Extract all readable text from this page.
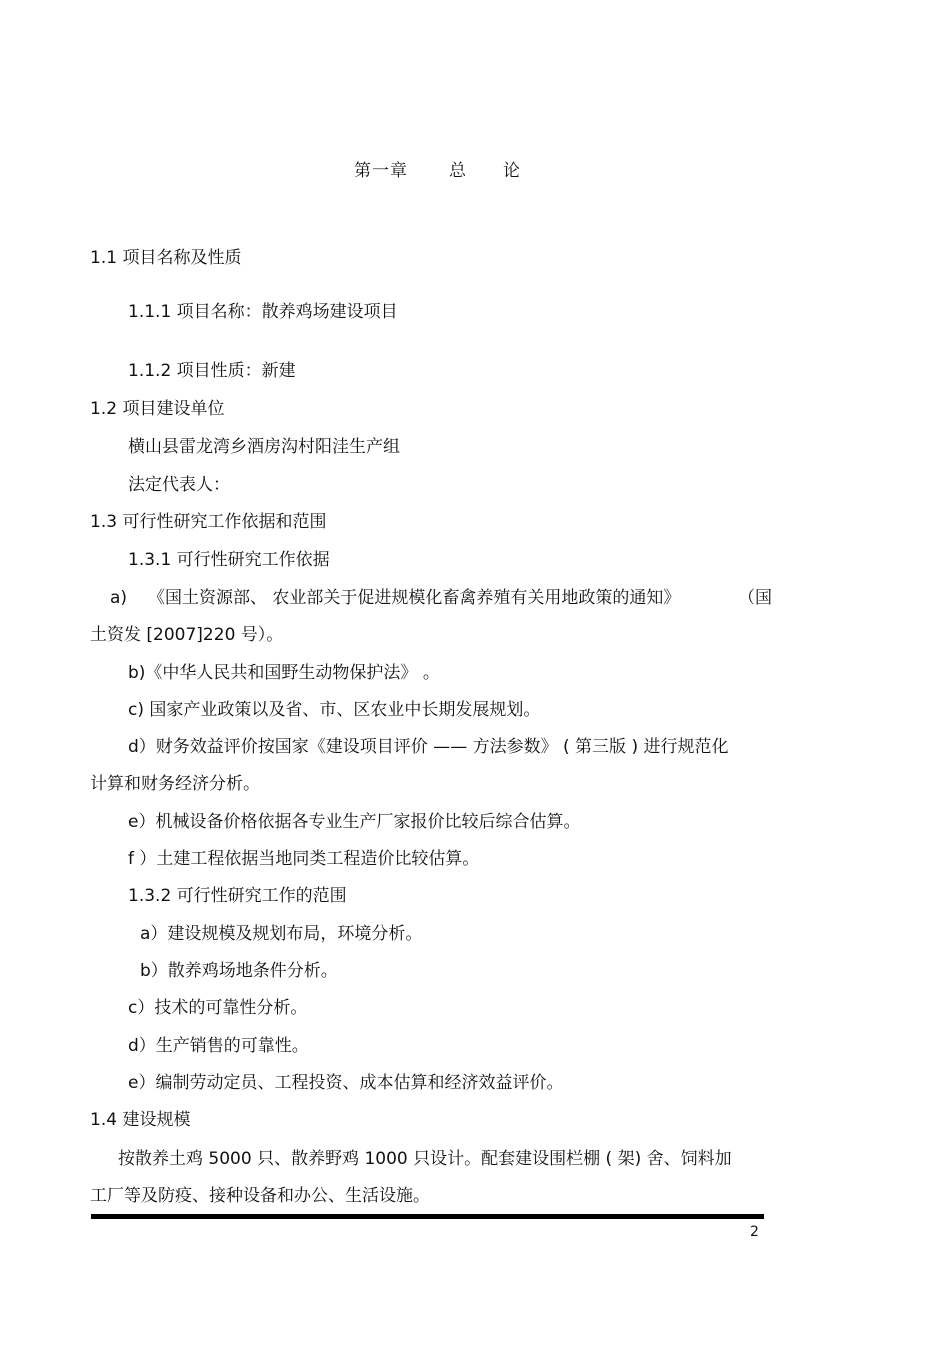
第一章 总　论
1.1 项目名称及性质
1.1.1 项目名称：散养鸡场建设项目
1.1.2 项目性质：新建
1.2 项目建设单位
横山县雷龙湾乡酒房沟村阳洼生产组
法定代表人：
1.3 可行性研究工作依据和范围
1.3.1 可行性研究工作依据
a) 《国土资源部、 农业部关于促进规模化畜禽养殖有关用地政策的通知》	（国
土资发 [2007]220 号）。
b)《中华人民共和国野生动物保护法》 。
c) 国家产业政策以及省、市、区农业中长期发展规划。
d）财务效益评价按国家《建设项目评价 —— 方法参数》 ( 第三版 ) 进行规范化
计算和财务经济分析。
e）机械设备价格依据各专业生产厂家报价比较后综合估算。
f ）土建工程依据当地同类工程造价比较估算。
1.3.2 可行性研究工作的范围
a）建设规模及规划布局，环境分析。
b）散养鸡场地条件分析。
c）技术的可靠性分析。
d）生产销售的可靠性。
e）编制劳动定员、工程投资、成本估算和经济效益评价。
1.4 建设规模
按散养土鸡 5000 只、散养野鸡 1000 只设计。配套建设围栏棚 ( 架) 舍、饲料加
工厂等及防疫、接种设备和办公、生活设施。
2
